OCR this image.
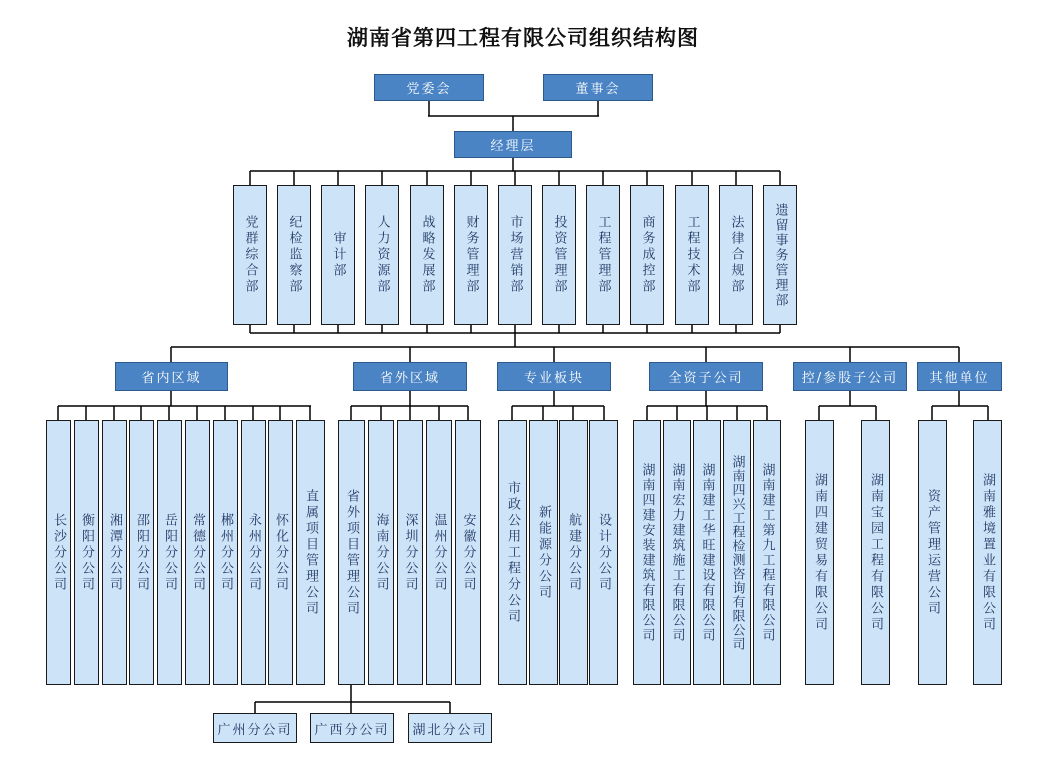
湖南省第四工程有限公司组织结构图
党委会	董事会
经理层
党群综合部	纪检监察部	审计部	人力资源部	战略发展部	财务管理部	市场营销部	投资管理部	工程管理部	商务成控部	工程技术部	法律合规部	遗留事务管理部
省内区域	省外区域	专业板块	全资子公司	控/参股子公司	其他单位
长沙分公司	衡阳分公司	湘潭分公司 邵阳分公司	岳阳分公司	常德分公司	郴州分公司	永州分公司 怀化分公司	直属项目管理公司	省外项目管理公司	海南分公司	深圳分公司	温州分公司	安徽分公司	市政公用工程分公司	新能源分公司	航建分公司	设计分公司	湖南四建安装建筑有限公司	湖南宏力建筑施工有限公司	湖南建工华旺建设有限公司	湖南四兴工程检测咨询有限公司	湖南建工第九工程有限公司	湖南四建贸易有限公司	湖南宝园工程有限公司	资产管理运营公司	湖南雅境置业有限公司
广州分公司	广西分公司	湖北分公司
